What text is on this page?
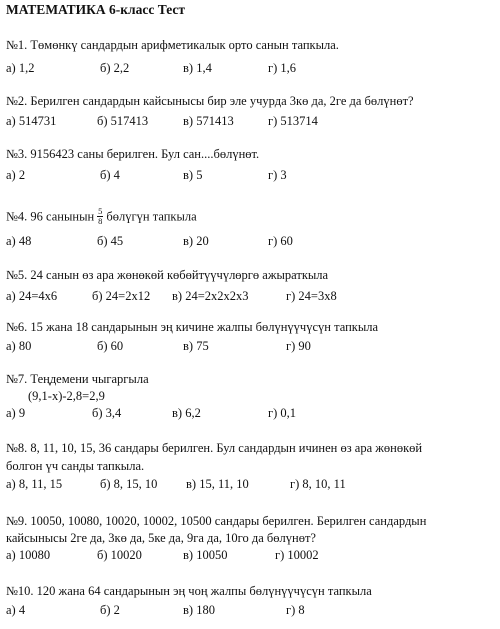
МАТЕМАТИКА 6-класс Тест
№1. Төмөнкү сандардын арифметикалык орто санын тапкыла.
а) 1,2	б) 2,2	в) 1,4	г) 1,6
№2. Берилген сандардын кайсынысы бир эле учурда 3кө да, 2ге да бөлүнөт?
а) 514731	б) 517413	в) 571413	г) 513714
№3. 9156423 саны берилген. Бул сан....бөлүнөт.
а) 2	б) 4	в) 5	г) 3
№4. 96 санынын $\frac{5}{8}$ бөлүгүн тапкыла
а) 48	б) 45	в) 20	г) 60
№5. 24 санын өз ара жөнөкөй көбөйтүүчүлөргө ажыраткыла
а) 24=4х6	б) 24=2х12 в) 24=2х2х2х3	г) 24=3х8
№6. 15 жана 18 сандарынын эң кичине жалпы бөлүнүүчүсүн тапкыла
а) 80	б) 60	в) 75	г) 90
№7. Теңдемени чыгаргыла
(9,1-х)-2,8=2,9
а) 9	б) 3,4	в) 6,2	г) 0,1
№8. 8, 11, 10, 15, 36 сандары берилген. Бул сандардын ичинен өз ара жөнөкөй
болгон үч санды тапкыла.
а) 8, 11, 15	б) 8, 15, 10 в) 15, 11, 10	г) 8, 10, 11
№9. 10050, 10080, 10020, 10002, 10500 сандары берилген. Берилген сандардын
кайсынысы 2ге да, 3кө да, 5ке да, 9га да, 10го да бөлүнөт?
а) 10080	б) 10020	в) 10050	г) 10002
№10. 120 жана 64 сандарынын эң чоң жалпы бөлүнүүчүсүн тапкыла
а) 4	б) 2	в) 180	г) 8
